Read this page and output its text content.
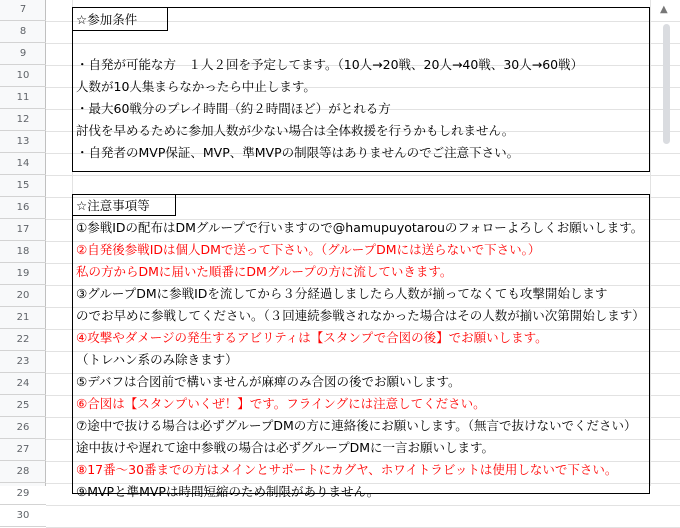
7
8
9
10
11
12
13
14
15
16
17
18
19
20
21
22
23
24
25
26
27
28
29
30
☆参加条件
・自発が可能な方　１人２回を予定してます。（10人→20戦、20人→40戦、30人→60戦）
人数が10人集まらなかったら中止します。
・最大60戦分のプレイ時間（約２時間ほど）がとれる方
討伐を早めるために参加人数が少ない場合は全体救援を行うかもしれません。
・自発者のMVP保証、MVP、準MVPの制限等はありませんのでご注意下さい。
☆注意事項等
①参戦IDの配布はDMグループで行いますので@hamupuyotarouのフォローよろしくお願いします。
②自発後参戦IDは個人DMで送って下さい。（グループDMには送らないで下さい。）
私の方からDMに届いた順番にDMグループの方に流していきます。
③グループDMに参戦IDを流してから３分経過しましたら人数が揃ってなくても攻撃開始します
のでお早めに参戦してください。（３回連続参戦されなかった場合はその人数が揃い次第開始します）
④攻撃やダメージの発生するアビリティは【スタンプで合図の後】でお願いします。
（トレハン系のみ除きます）
⑤デバフは合図前で構いませんが麻痺のみ合図の後でお願いします。
⑥合図は【スタンプいくぜ！】です。フライングには注意してください。
⑦途中で抜ける場合は必ずグループDMの方に連絡後にお願いします。（無言で抜けないでください）
途中抜けや遅れて途中参戦の場合は必ずグループDMに一言お願いします。
⑧17番～30番までの方はメインとサポートにカグヤ、ホワイトラビットは使用しないで下さい。
⑨MVPと準MVPは時間短縮のため制限がありません。
▲
